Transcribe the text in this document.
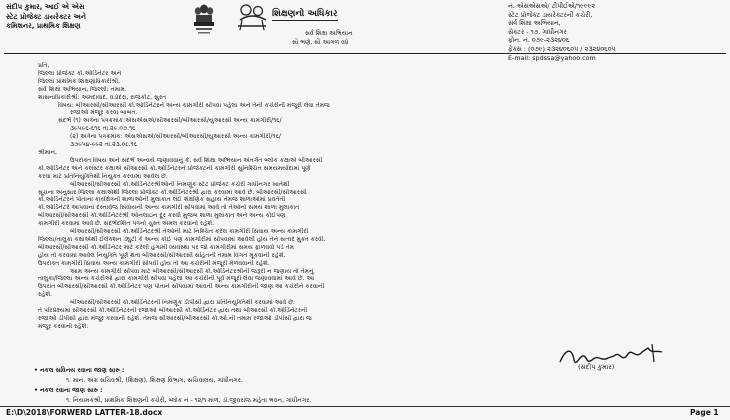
સંદીપ કુમાર, આઈ એ એસ
સ્ટેટ પ્રોજેક્ટ ડાયરેક્ટર અને
કમિશનર, પ્રાથમિક શિક્ષણ
શિક્ષણનો અધિકાર
સર્વ શિક્ષા અભિયાન
સૌ ભણે, સૌ આગળ વધે
નં. એસએસએ/ ટીપીઈએ/૧૯૯૯૨
સ્ટેટ પ્રોજેક્ટ ડાયરેક્ટરની કચેરી,
સર્વ શિક્ષા અભિયાન,
સેક્ટર - ૧૭, ગાંધીનગર
ફોન. નં. ૦૭૯-૨૩૨૪૦૬
ફેક્સ : (૦૭૯) ૨૩૨૪૦૬૦૫ / ૨૩૨૪૦૬૦૫
E-mail: spdssa@yahoo.com
પ્રતિ,
જિલ્લા પ્રોજેક્ટ કો.ઓર્ડિનેટર અને
જિલ્લા પ્રાથમિક શિક્ષણાધિકારીશ્રી,
સર્વ શિક્ષા અભિયાન, જિલ્લો: તમામ.
શાસનાધિકારીશ્રી: અમદાવાદ, વડોદરા, રાજકોટ, સુરત
વિષય: બીઆરસી/સીઆરસી કો.ઓર્ડિનેટરને અન્ય કામગીરી સોંપવા પહેલા અને તેની કચેરીની મંજૂરી લેવા તેમજ
રજાઓ મંજૂર કરવા બાબત.
સંદર્ભ (૧) અત્રેના પત્રક્રમાંક:એસએસએ/સીઆરસી/બીઆરસી/યુઆરસી અન્ય કામગીરી/૧૬/
૩૯૫૯૬-૬૧૬ તા.૨૯.૦૭.૧૬
(૨) અત્રેના પત્રક્રમાંક: એસએસએ/સીઆરસી/બીઆરસી/યુઆરસી અન્ય કામગીરી/૧૬/
૩૭૯૫૪-૯૯૨ તા.૨૩.૦૮.૧૬
શ્રીમાન,
ઉપરોક્ત વિષય અને સંદર્ભ અન્વયે જણાવવાનું કે, સર્વ શિક્ષા અભિયાન અંતર્ગત બ્લોક કક્ષાએ બીઆરસી
કો.ઓર્ડિનેટર અને કલસ્ટર કક્ષાએ સીઆરસી કો.ઓર્ડિનેટરને પ્રોજેક્ટની કામગીરી સુનિશ્ચિત સમયમર્યાદામાં પૂર્ણ
કરવા માટે પ્રતિનિયુક્તિથી નિયુક્ત કરવામાં આવેલ છે.
બીઆરસી/સીઆરસી કો.ઓર્ડિનેટરશ્રીઓની નિમણૂંક સ્ટેટ પ્રોજેક્ટ કચેરી ગાંધીનગર ખાતેથી
સૂચના અનુસાર જિલ્લા કક્ષાએથી જિલ્લા પ્રોજેક્ટ કો.ઓર્ડિનેટરશ્રી દ્વારા કરવામાં આવે છે. બીઆરસી/સીઆરસી
કો.ઓર્ડિનેટરને પોતાના કાર્યક્ષેત્રની શાળાઓની મુલાકાત લઈ શૈક્ષણિક સહાય તેમજ શાળાઓમાં પ્રવર્તતી
કો.ઓર્ડિનેટરે આપવાના દસ્તાવેજ સિવાયની અન્ય કામગીરી સોંપવામાં આવે તો તેઓનો સમય શાળા મુલાકાત
બીઆરસી/સીઆરસી કો.ઓર્ડિનેટરશ્રી ઓનલાઇન દૂર કરવી મુજબ શાળા મુલાકાત અને અન્ય કોઈપણ
કામગીરી કરવામાં આવે છે. સંદર્ભદર્શિત પત્રનો ચુસ્ત અમલ કરવાનો રહેશે.
બીઆરસી/સીઆરસી કો.ઓર્ડિનેટરશ્રી તેઓની માટે નિશ્ચિત કરેલ કામગીરી સિવાય અન્ય કામગીરી
જિલ્લા/તાલુકા કક્ષાએથી ઈલેક્શન ડ્યુટી કે અન્ય કોઈ પણ કામગીરીમાં સોંપવામાં આવેલી હોય તેને સત્વરે મુક્ત કરવી.
બીઆરસી/સીઆરસી કો.ઓર્ડિનેટર માટે કરેલી હંગામી વ્યવસ્થા પર જો કામગીરીમાં સમય ફાળવવો પડે તેમ
હોય તો કરવામાં આવેલ નિયુક્તિ પૂર્ણ થતા બીઆરસી/સીઆરસી સહિતની તમામ વિગત મૂકવાની રહેશે.
ઉપરોક્ત કામગીરી સિવાય અન્ય કામગીરી સોંપવી હોય તો આ કચેરીની મંજૂરી મેળવવાની રહેશે.
આમ અન્ય કામગીરી સોંપવા માટે બીઆરસી/સીઆરસી કો.ઓર્ડિનેટરશ્રીની જરૂરી ન જણાય તો તેમનું
તાલુકા/જિલ્લા અન્ય કચેરીઓ દ્વારા કામગીરી સોંપવા પહેલા આ કચેરીની પૂર્વ મંજૂરી લેવા જણાવવામાં આવે છે. આ
ઉપરાંત બીઆરસી/સીઆરસી કો.ઓર્ડિનેટર પણ પોતાને સોંપવામાં આવતી અન્ય કામગીરીની જાણ આ કચેરીને કરવાની
રહેશે.
બીઆરસી/સીઆરસી કો.ઓર્ડિનેટરની નિમણૂંક ડીપીસી દ્વારા પ્રતિનિયુક્તિથી કરવામાં આવે છે.
તે પરિપ્રેક્ષ્યમાં સીઆરસી કો.ઓર્ડિનેટરની રજાઓ બીઆરસી કો.ઓર્ડિનેટર દ્વારા તથા બીઆરસી કો.ઓર્ડિનેટરની
રજાઓ ડીપીસી દ્વારા મંજૂર કરવાની રહેશે. તેમજ સીઆરસી/બીઆરસી કો.ઓ.ની તમામ રજાઓ ડીપીસી દ્વારા જ
મંજૂર કરવાની રહેશે.
(સંદીપ કુમાર)
• નકલ સવિનય રવાના જાણ સારુ :
૧. માન. અગ્ર સચિવશ્રી, (શિક્ષણ), શિક્ષણ વિભાગ, સચિવાલય, ગાંધીનગર.
• નકલ રવાના જાણ સારુ :
૧. નિયામકશ્રી, પ્રાથમિક શિક્ષણની કચેરી, બ્લોક નં - ૧૨/૧ માળ, ડૉ.જીવરાજ મહેતા ભવન, ગાંધીનગર.
E:\D\2018\FORWERD LATTER-18.docx	Page 1
